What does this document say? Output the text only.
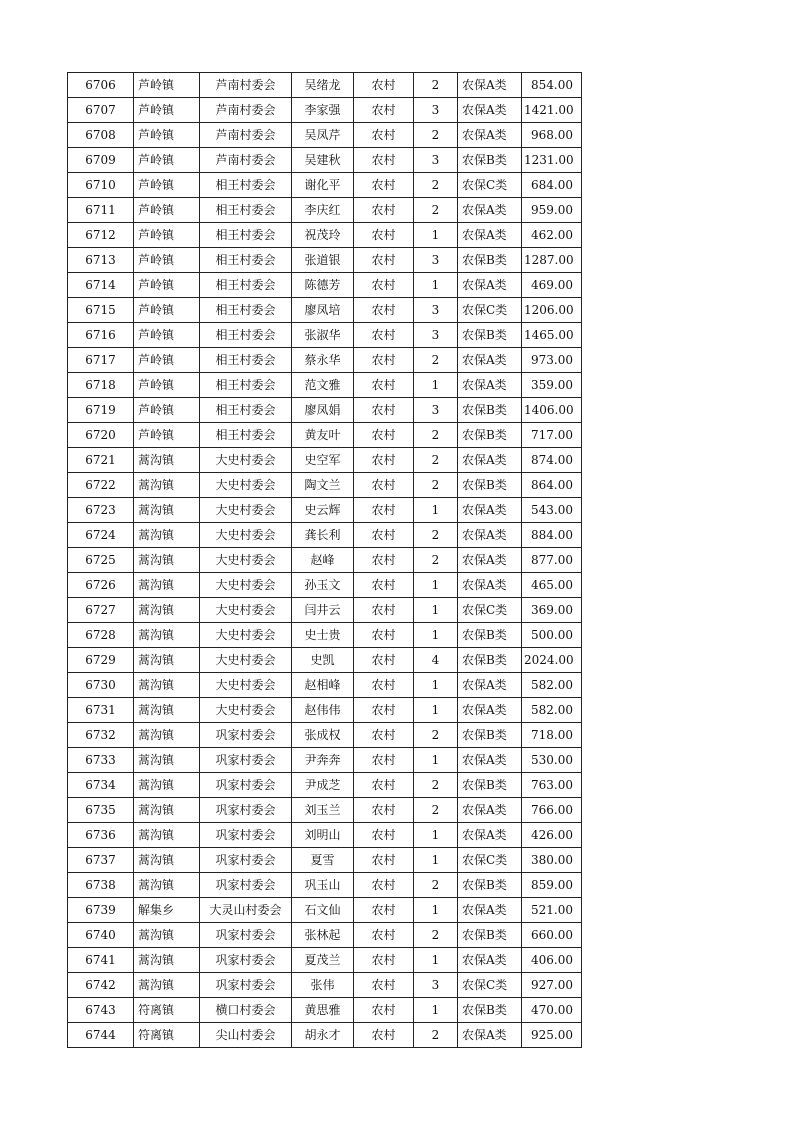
6706	芦岭镇	芦南村委会	吴绪龙	农村	2	农保A类	854.00
6707	芦岭镇	芦南村委会	李家强	农村	3	农保A类	1421.00
6708	芦岭镇	芦南村委会	吴凤芹	农村	2	农保A类	968.00
6709	芦岭镇	芦南村委会	吴建秋	农村	3	农保B类	1231.00
6710	芦岭镇	相王村委会	谢化平	农村	2	农保C类	684.00
6711	芦岭镇	相王村委会	李庆红	农村	2	农保A类	959.00
6712	芦岭镇	相王村委会	祝茂玲	农村	1	农保A类	462.00
6713	芦岭镇	相王村委会	张道银	农村	3	农保B类	1287.00
6714	芦岭镇	相王村委会	陈德芳	农村	1	农保A类	469.00
6715	芦岭镇	相王村委会	廖凤培	农村	3	农保C类	1206.00
6716	芦岭镇	相王村委会	张淑华	农村	3	农保B类	1465.00
6717	芦岭镇	相王村委会	蔡永华	农村	2	农保A类	973.00
6718	芦岭镇	相王村委会	范文雅	农村	1	农保A类	359.00
6719	芦岭镇	相王村委会	廖凤娟	农村	3	农保B类	1406.00
6720	芦岭镇	相王村委会	黄友叶	农村	2	农保B类	717.00
6721	蒿沟镇	大史村委会	史空军	农村	2	农保A类	874.00
6722	蒿沟镇	大史村委会	陶文兰	农村	2	农保B类	864.00
6723	蒿沟镇	大史村委会	史云辉	农村	1	农保A类	543.00
6724	蒿沟镇	大史村委会	龚长利	农村	2	农保A类	884.00
6725	蒿沟镇	大史村委会	赵峰	农村	2	农保A类	877.00
6726	蒿沟镇	大史村委会	孙玉文	农村	1	农保A类	465.00
6727	蒿沟镇	大史村委会	闫井云	农村	1	农保C类	369.00
6728	蒿沟镇	大史村委会	史士贵	农村	1	农保B类	500.00
6729	蒿沟镇	大史村委会	史凯	农村	4	农保B类	2024.00
6730	蒿沟镇	大史村委会	赵相峰	农村	1	农保A类	582.00
6731	蒿沟镇	大史村委会	赵伟伟	农村	1	农保A类	582.00
6732	蒿沟镇	巩家村委会	张成权	农村	2	农保B类	718.00
6733	蒿沟镇	巩家村委会	尹奔奔	农村	1	农保A类	530.00
6734	蒿沟镇	巩家村委会	尹成芝	农村	2	农保B类	763.00
6735	蒿沟镇	巩家村委会	刘玉兰	农村	2	农保A类	766.00
6736	蒿沟镇	巩家村委会	刘明山	农村	1	农保A类	426.00
6737	蒿沟镇	巩家村委会	夏雪	农村	1	农保C类	380.00
6738	蒿沟镇	巩家村委会	巩玉山	农村	2	农保B类	859.00
6739	解集乡	大灵山村委会	石文仙	农村	1	农保A类	521.00
6740	蒿沟镇	巩家村委会	张林起	农村	2	农保B类	660.00
6741	蒿沟镇	巩家村委会	夏茂兰	农村	1	农保A类	406.00
6742	蒿沟镇	巩家村委会	张伟	农村	3	农保C类	927.00
6743	符离镇	横口村委会	黄思雅	农村	1	农保B类	470.00
6744	符离镇	尖山村委会	胡永才	农村	2	农保A类	925.00
